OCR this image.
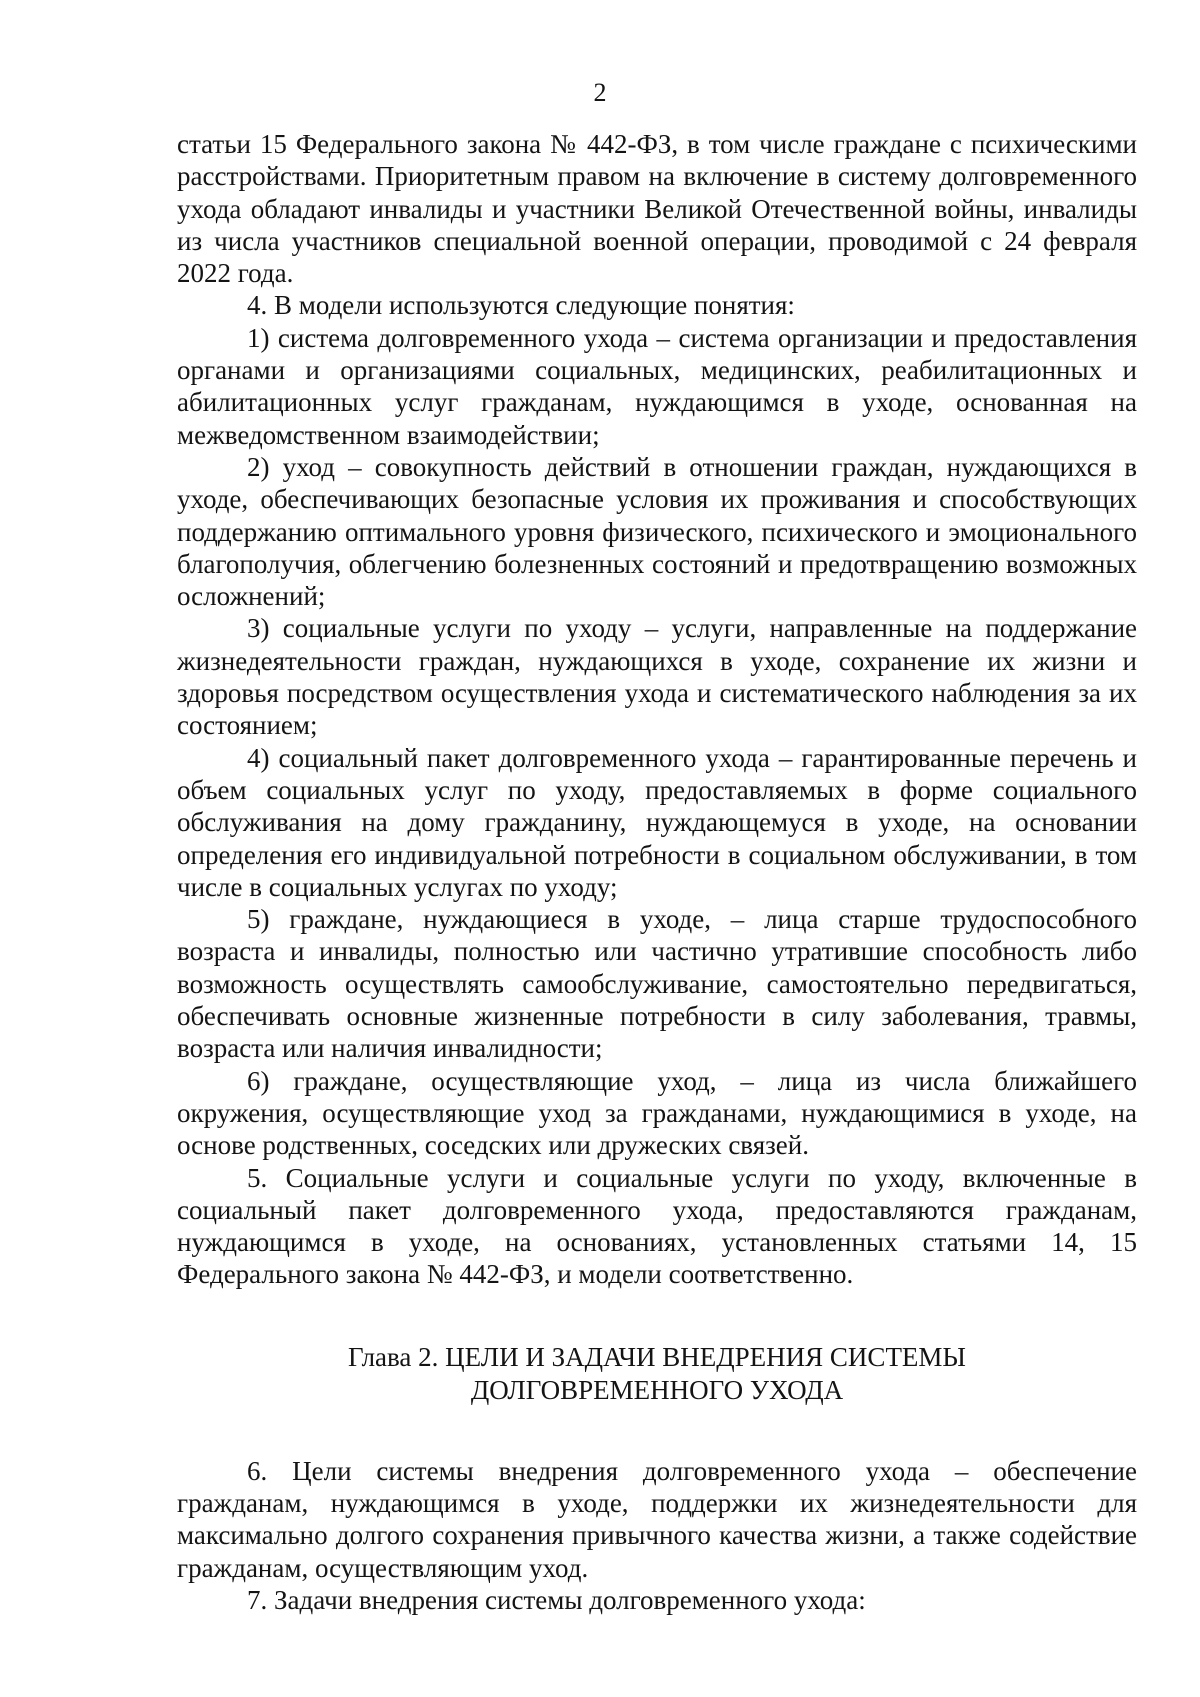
2

статьи 15 Федерального закона № 442-ФЗ, в том числе граждане с психическими расстройствами. Приоритетным правом на включение в систему долговременного ухода обладают инвалиды и участники Великой Отечественной войны, инвалиды из числа участников специальной военной операции, проводимой с 24 февраля 2022 года.

4. В модели используются следующие понятия:

1) система долговременного ухода – система организации и предоставления органами и организациями социальных, медицинских, реабилитационных и абилитационных услуг гражданам, нуждающимся в уходе, основанная на межведомственном взаимодействии;

2) уход – совокупность действий в отношении граждан, нуждающихся в уходе, обеспечивающих безопасные условия их проживания и способствующих поддержанию оптимального уровня физического, психического и эмоционального благополучия, облегчению болезненных состояний и предотвращению возможных осложнений;

3) социальные услуги по уходу – услуги, направленные на поддержание жизнедеятельности граждан, нуждающихся в уходе, сохранение их жизни и здоровья посредством осуществления ухода и систематического наблюдения за их состоянием;

4) социальный пакет долговременного ухода – гарантированные перечень и объем социальных услуг по уходу, предоставляемых в форме социального обслуживания на дому гражданину, нуждающемуся в уходе, на основании определения его индивидуальной потребности в социальном обслуживании, в том числе в социальных услугах по уходу;

5) граждане, нуждающиеся в уходе, – лица старше трудоспособного возраста и инвалиды, полностью или частично утратившие способность либо возможность осуществлять самообслуживание, самостоятельно передвигаться, обеспечивать основные жизненные потребности в силу заболевания, травмы, возраста или наличия инвалидности;

6) граждане, осуществляющие уход, – лица из числа ближайшего окружения, осуществляющие уход за гражданами, нуждающимися в уходе, на основе родственных, соседских или дружеских связей.

5. Социальные услуги и социальные услуги по уходу, включенные в социальный пакет долговременного ухода, предоставляются гражданам, нуждающимся в уходе, на основаниях, установленных статьями 14, 15 Федерального закона № 442-ФЗ, и модели соответственно.

Глава 2. ЦЕЛИ И ЗАДАЧИ ВНЕДРЕНИЯ СИСТЕМЫ
ДОЛГОВРЕМЕННОГО УХОДА

6. Цели системы внедрения долговременного ухода – обеспечение гражданам, нуждающимся в уходе, поддержки их жизнедеятельности для максимально долгого сохранения привычного качества жизни, а также содействие гражданам, осуществляющим уход.

7. Задачи внедрения системы долговременного ухода:
